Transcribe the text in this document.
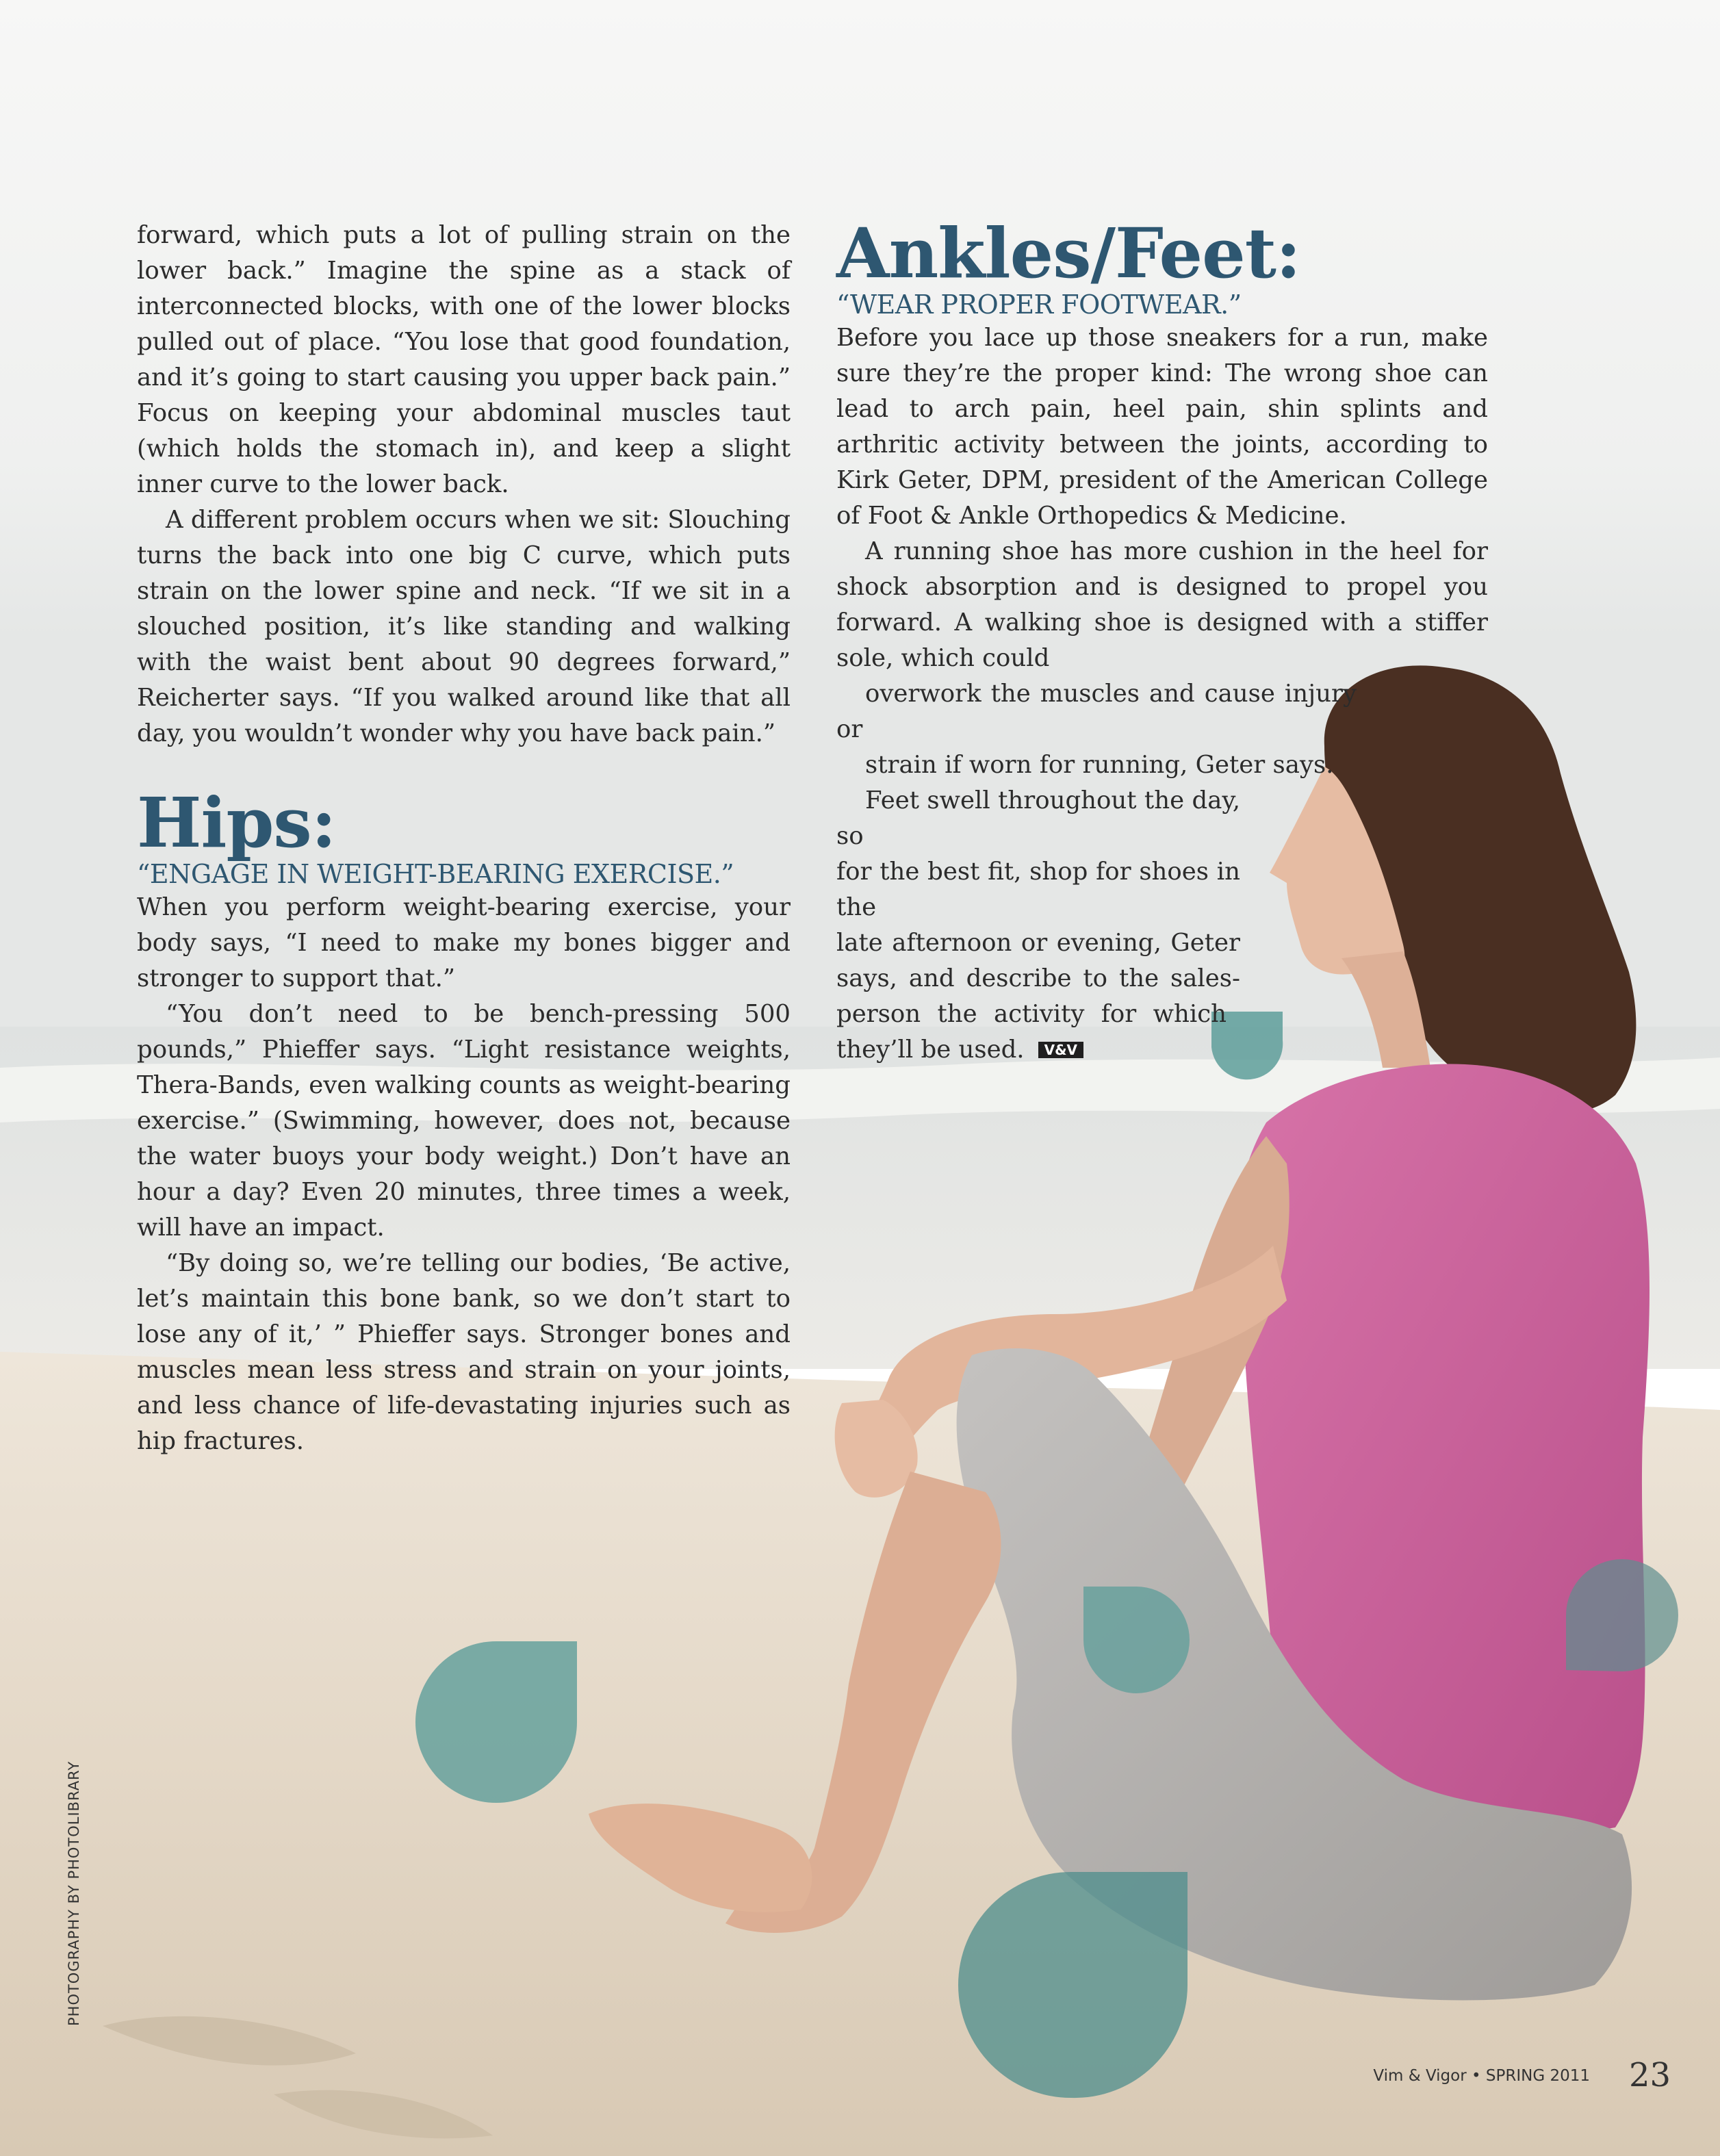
forward, which puts a lot of pulling strain on the lower back.” Imagine the spine as a stack of interconnected blocks, with one of the lower blocks pulled out of place. “You lose that good foundation, and it’s going to start causing you upper back pain.” Focus on keeping your abdominal muscles taut (which holds the stomach in), and keep a slight inner curve to the lower back.

A different problem occurs when we sit: Slouching turns the back into one big C curve, which puts strain on the lower spine and neck. “If we sit in a slouched position, it’s like standing and walking with the waist bent about 90 degrees forward,” Reicherter says. “If you walked around like that all day, you wouldn’t wonder why you have back pain.”

Hips:
“ENGAGE IN WEIGHT-BEARING EXERCISE.”

When you perform weight-bearing exercise, your body says, “I need to make my bones bigger and stronger to support that.”

“You don’t need to be bench-pressing 500 pounds,” Phieffer says. “Light resistance weights, Thera-Bands, even walking counts as weight-bearing exercise.” (Swimming, however, does not, because the water buoys your body weight.) Don’t have an hour a day? Even 20 minutes, three times a week, will have an impact.

“By doing so, we’re telling our bodies, ‘Be active, let’s maintain this bone bank, so we don’t start to lose any of it,’ ” Phieffer says. Stronger bones and muscles mean less stress and strain on your joints, and less chance of life-devastating injuries such as hip fractures.

Ankles/Feet:
“WEAR PROPER FOOTWEAR.”

Before you lace up those sneakers for a run, make sure they’re the proper kind: The wrong shoe can lead to arch pain, heel pain, shin splints and arthritic activity between the joints, according to Kirk Geter, DPM, president of the American College of Foot & Ankle Orthopedics & Medicine.

A running shoe has more cushion in the heel for shock absorption and is designed to propel you forward. A walking shoe is designed with a stiffer sole, which could
overwork the muscles and cause injury or
strain if worn for running, Geter says.

Feet swell throughout the day, so
for the best fit, shop for shoes in the
late afternoon or evening, Geter
says, and describe to the sales-
person the activity for which
they’ll be used. V&V
PHOTOGRAPHY BY PHOTOLIBRARY
Vim & Vigor • SPRING 2011 23
